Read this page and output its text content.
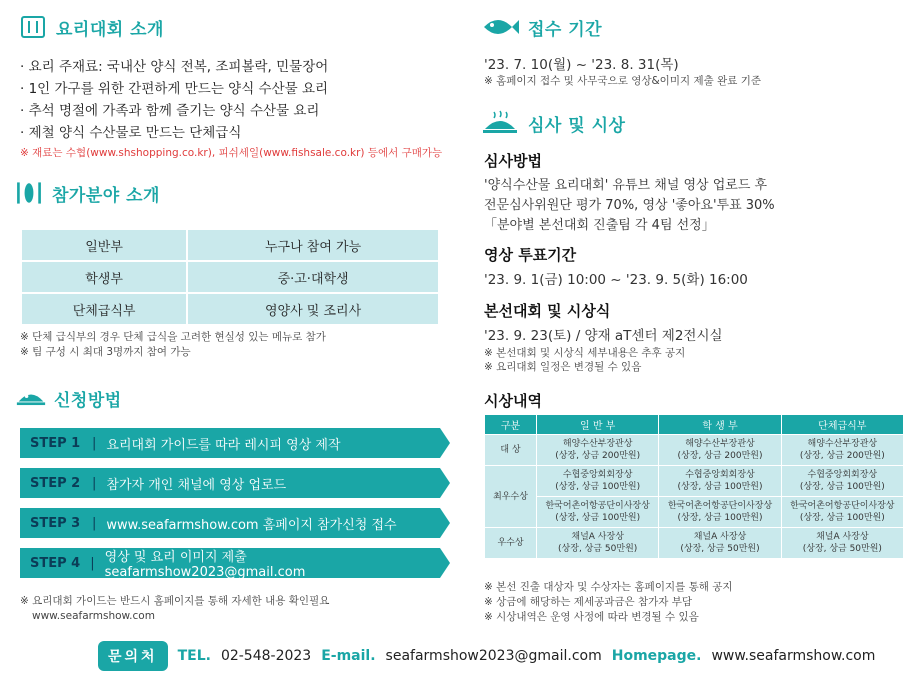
요리대회 소개
· 요리 주재료: 국내산 양식 전복, 조피볼락, 민물장어
· 1인 가구를 위한 간편하게 만드는 양식 수산물 요리
· 추석 명절에 가족과 함께 즐기는 양식 수산물 요리
· 제철 양식 수산물로 만드는 단체급식
※ 재료는 수협(www.shshopping.co.kr), 피쉬세일(www.fishsale.co.kr) 등에서 구매가능
참가분야 소개
일반부	누구나 참여 가능
학생부	중·고·대학생
단체급식부	영양사 및 조리사
※ 단체 급식부의 경우 단체 급식을 고려한 현실성 있는 메뉴로 참가
※ 팀 구성 시 최대 3명까지 참여 가능
신청방법
STEP 1 | 요리대회 가이드를 따라 레시피 영상 제작
STEP 2 | 참가자 개인 채널에 영상 업로드
STEP 3 | www.seafarmshow.com 홈페이지 참가신청 접수
STEP 4 | 영상 및 요리 이미지 제출 seafarmshow2023@gmail.com
※ 요리대회 가이드는 반드시 홈페이지를 통해 자세한 내용 확인필요
www.seafarmshow.com
접수 기간
'23. 7. 10(월) ~ '23. 8. 31(목)
※ 홈페이지 접수 및 사무국으로 영상&이미지 제출 완료 기준
심사 및 시상
심사방법
'양식수산물 요리대회' 유튜브 채널 영상 업로드 후
전문심사위원단 평가 70%, 영상 '좋아요'투표 30%
「분야별 본선대회 진출팀 각 4팀 선정」
영상 투표기간
'23. 9. 1(금) 10:00 ~ '23. 9. 5(화) 16:00
본선대회 및 시상식
'23. 9. 23(토) / 양재 aT센터 제2전시실
※ 본선대회 및 시상식 세부내용은 추후 공지
※ 요리대회 일정은 변경될 수 있음
시상내역
구분	일 반 부	학 생 부	단체급식부
대 상	해양수산부장관상
(상장, 상금 200만원)	해양수산부장관상
(상장, 상금 200만원)	해양수산부장관상
(상장, 상금 200만원)
최우수상	수협중앙회회장상
(상장, 상금 100만원)	수협중앙회회장상
(상장, 상금 100만원)	수협중앙회회장상
(상장, 상금 100만원)
	한국어촌어항공단이사장상
(상장, 상금 100만원)	한국어촌어항공단이사장상
(상장, 상금 100만원)	한국어촌어항공단이사장상
(상장, 상금 100만원)
우수상	채널A 사장상
(상장, 상금 50만원)	채널A 사장상
(상장, 상금 50만원)	채널A 사장상
(상장, 상금 50만원)
※ 본선 진출 대상자 및 수상자는 홈페이지를 통해 공지
※ 상금에 해당하는 제세공과금은 참가자 부담
※ 시상내역은 운영 사정에 따라 변경될 수 있음
문의처	TEL. 02-548-2023 E-mail. seafarmshow2023@gmail.com Homepage. www.seafarmshow.com
